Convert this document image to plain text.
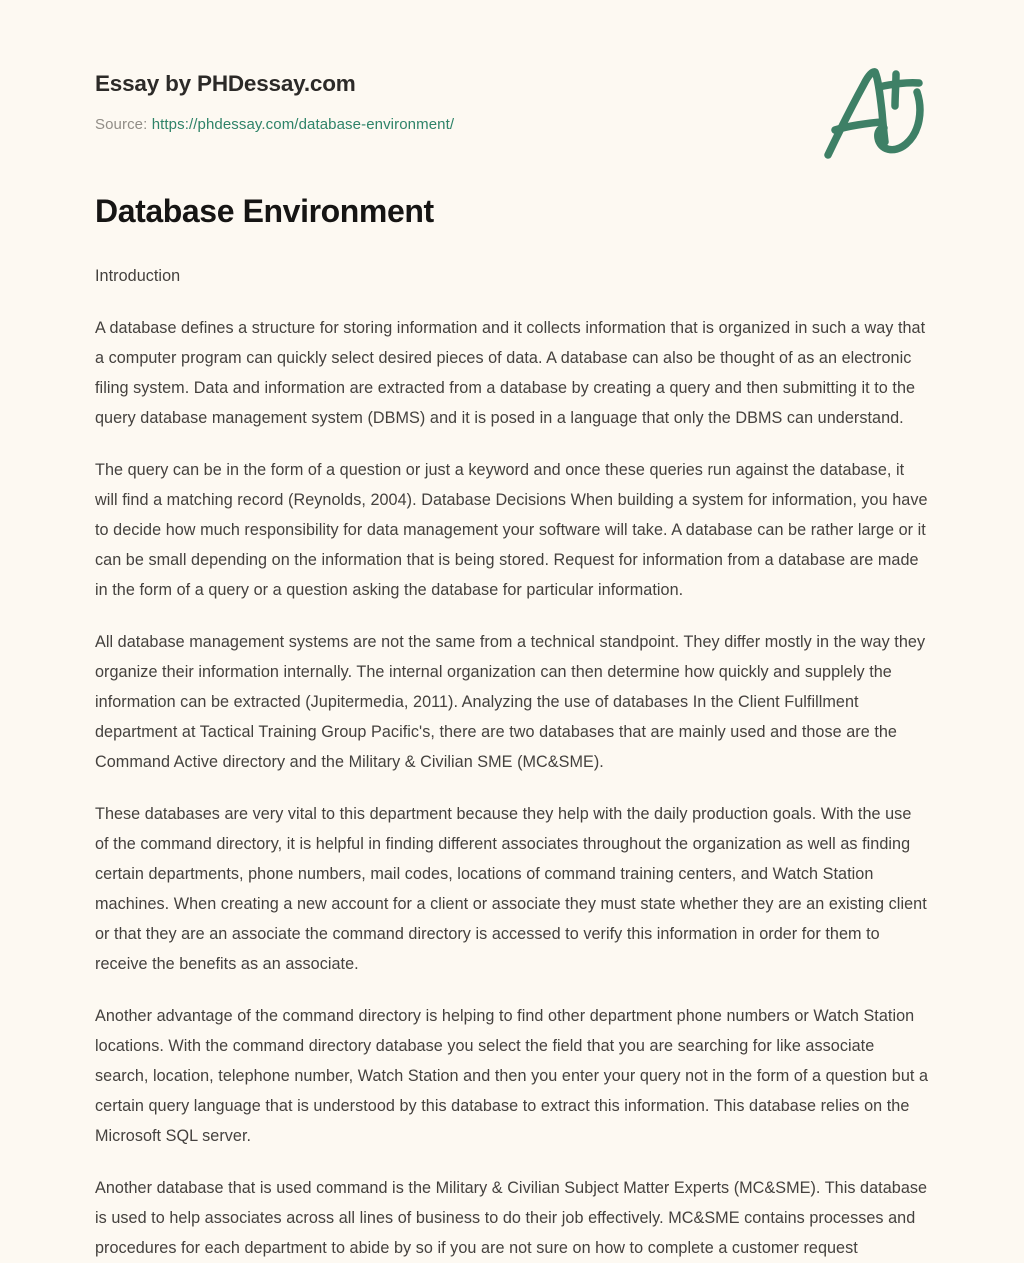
Essay by PHDessay.com

Source: https://phdessay.com/database-environment/

Database Environment

Introduction

A database defines a structure for storing information and it collects information that is organized in such a way that a computer program can quickly select desired pieces of data. A database can also be thought of as an electronic filing system. Data and information are extracted from a database by creating a query and then submitting it to the query database management system (DBMS) and it is posed in a language that only the DBMS can understand.

The query can be in the form of a question or just a keyword and once these queries run against the database, it will find a matching record (Reynolds, 2004). Database Decisions When building a system for information, you have to decide how much responsibility for data management your software will take. A database can be rather large or it can be small depending on the information that is being stored. Request for information from a database are made in the form of a query or a question asking the database for particular information.

All database management systems are not the same from a technical standpoint. They differ mostly in the way they organize their information internally. The internal organization can then determine how quickly and supplely the information can be extracted (Jupitermedia, 2011). Analyzing the use of databases In the Client Fulfillment department at Tactical Training Group Pacific's, there are two databases that are mainly used and those are the Command Active directory and the Military & Civilian SME (MC&SME).

These databases are very vital to this department because they help with the daily production goals. With the use of the command directory, it is helpful in finding different associates throughout the organization as well as finding certain departments, phone numbers, mail codes, locations of command training centers, and Watch Station machines. When creating a new account for a client or associate they must state whether they are an existing client or that they are an associate the command directory is accessed to verify this information in order for them to receive the benefits as an associate.

Another advantage of the command directory is helping to find other department phone numbers or Watch Station locations. With the command directory database you select the field that you are searching for like associate search, location, telephone number, Watch Station and then you enter your query not in the form of a question but a certain query language that is understood by this database to extract this information. This database relies on the Microsoft SQL server.

Another database that is used command is the Military & Civilian Subject Matter Experts (MC&SME). This database is used to help associates across all lines of business to do their job effectively. MC&SME contains processes and procedures for each department to abide by so if you are not sure on how to complete a customer request
